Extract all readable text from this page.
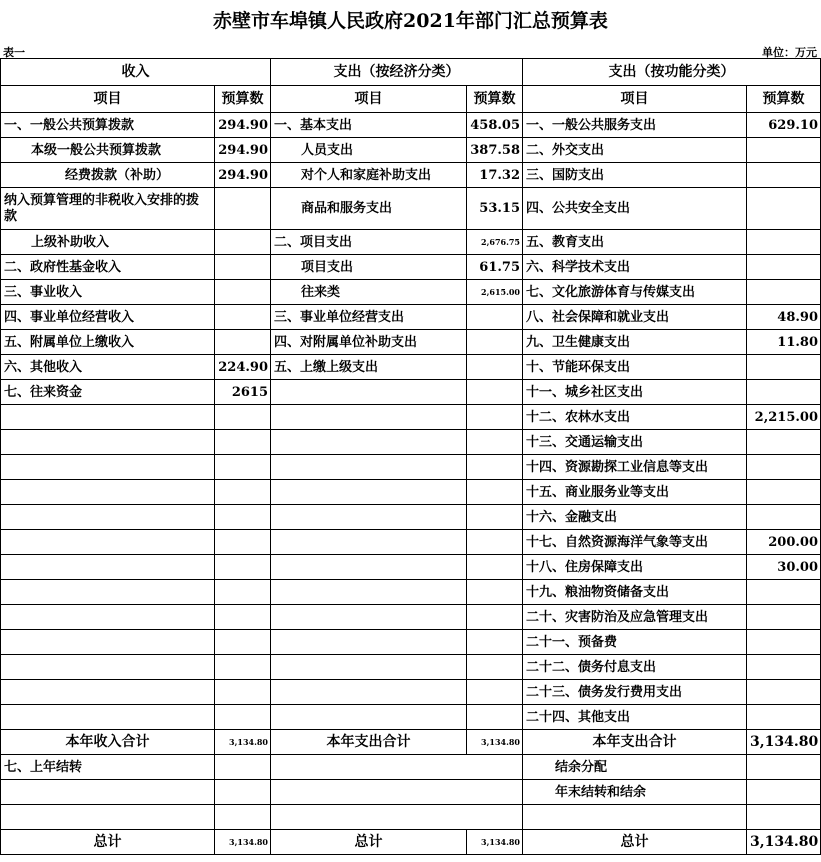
赤壁市车埠镇人民政府2021年部门汇总预算表
表一	单位：万元
收入		支出（按经济分类）		支出（按功能分类）	
项目	预算数	项目	预算数	项目	预算数
一、一般公共预算拨款	294.90	一、基本支出	458.05	一、一般公共服务支出	629.10
本级一般公共预算拨款	294.90	人员支出	387.58	二、外交支出	
经费拨款（补助）	294.90	对个人和家庭补助支出	17.32	三、国防支出	
纳入预算管理的非税收入安排的拨款		商品和服务支出	53.15	四、公共安全支出	
上级补助收入		二、项目支出	2,676.75	五、教育支出	
二、政府性基金收入		项目支出	61.75	六、科学技术支出	
三、事业收入		往来类	2,615.00	七、文化旅游体育与传媒支出	
四、事业单位经营收入		三、事业单位经营支出		八、社会保障和就业支出	48.90
五、附属单位上缴收入		四、对附属单位补助支出		九、卫生健康支出	11.80
六、其他收入	224.90	五、上缴上级支出		十、节能环保支出	
七、往来资金	2615			十一、城乡社区支出	
				十二、农林水支出	2,215.00
				十三、交通运输支出	
				十四、资源勘探工业信息等支出	
				十五、商业服务业等支出	
				十六、金融支出	
				十七、自然资源海洋气象等支出	200.00
				十八、住房保障支出	30.00
				十九、粮油物资储备支出	
				二十、灾害防治及应急管理支出	
				二十一、预备费	
				二十二、债务付息支出	
				二十三、债务发行费用支出	
				二十四、其他支出	
本年收入合计	3,134.80	本年支出合计	3,134.80	本年支出合计	3,134.80
七、上年结转				结余分配	
				年末结转和结余	

总计	3,134.80	总计	3,134.80	总计	3,134.80
